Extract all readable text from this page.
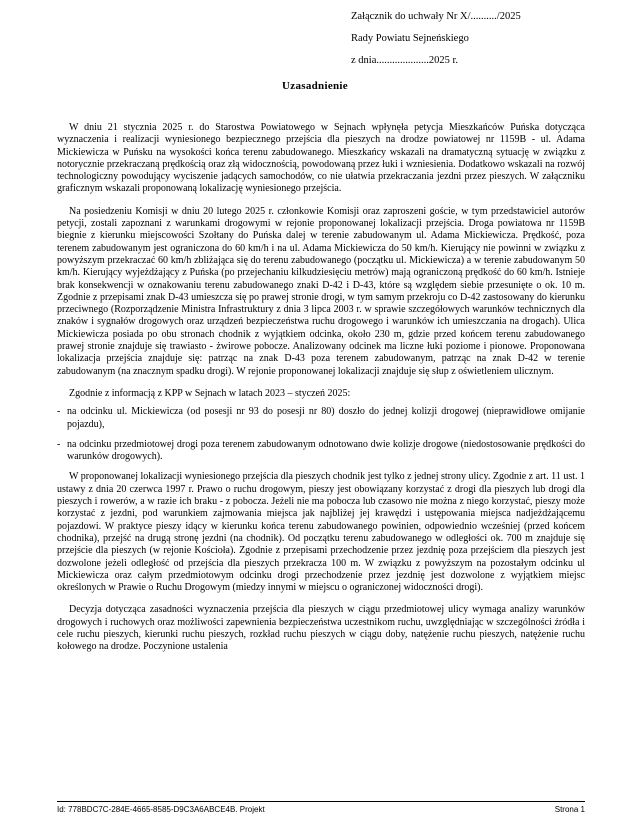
Załącznik do uchwały Nr X/........../2025
Rady Powiatu Sejneńskiego
z dnia....................2025 r.
Uzasadnienie

W dniu 21 stycznia 2025 r. do Starostwa Powiatowego w Sejnach wpłynęła petycja Mieszkańców Puńska dotycząca wyznaczenia i realizacji wyniesionego bezpiecznego przejścia dla pieszych na drodze powiatowej nr 1159B - ul. Adama Mickiewicza w Puńsku na wysokości końca terenu zabudowanego. Mieszkańcy wskazali na dramatyczną sytuację w związku z notorycznie przekraczaną prędkością oraz złą widocznością, powodowaną przez łuki i wzniesienia. Dodatkowo wskazali na rozwój technologiczny powodujący wyciszenie jadących samochodów, co nie ułatwia przekraczania jezdni przez pieszych. W załączniku graficznym wskazali proponowaną lokalizację wyniesionego przejścia.

Na posiedzeniu Komisji w dniu 20 lutego 2025 r. członkowie Komisji oraz zaproszeni goście, w tym przedstawiciel autorów petycji, zostali zapoznani z warunkami drogowymi w rejonie proponowanej lokalizacji przejścia. Droga powiatowa nr 1159B biegnie z kierunku miejscowości Szołtany do Puńska dalej w terenie zabudowanym ul. Adama Mickiewicza. Prędkość, poza terenem zabudowanym jest ograniczona do 60 km/h i na ul. Adama Mickiewicza do 50 km/h. Kierujący nie powinni w związku z powyższym przekraczać 60 km/h zbliżająca się do terenu zabudowanego (początku ul. Mickiewicza) a w terenie zabudowanym 50 km/h. Kierujący wyjeżdżający z Puńska (po przejechaniu kilkudziesięciu metrów) mają ograniczoną prędkość do 60 km/h. Istnieje brak konsekwencji w oznakowaniu terenu zabudowanego znaki D-42 i D-43, które są względem siebie przesunięte o ok. 10 m. Zgodnie z przepisami znak D-43 umieszcza się po prawej stronie drogi, w tym samym przekroju co D-42 zastosowany do kierunku przeciwnego (Rozporządzenie Ministra Infrastruktury z dnia 3 lipca 2003 r. w sprawie szczegółowych warunków technicznych dla znaków i sygnałów drogowych oraz urządzeń bezpieczeństwa ruchu drogowego i warunków ich umieszczania na drogach). Ulica Mickiewicza posiada po obu stronach chodnik z wyjątkiem odcinka, około 230 m, gdzie przed końcem terenu zabudowanego prawej stronie znajduje się trawiasto - żwirowe pobocze. Analizowany odcinek ma liczne łuki poziome i pionowe. Proponowana lokalizacja przejścia znajduje się: patrząc na znak D-43 poza terenem zabudowanym, patrząc na znak D-42 w terenie zabudowanym (na znacznym spadku drogi). W rejonie proponowanej lokalizacji znajduje się słup z oświetleniem ulicznym.

Zgodnie z informacją z KPP w Sejnach w latach 2023 – styczeń 2025:

- na odcinku ul. Mickiewicza (od posesji nr 93 do posesji nr 80) doszło do jednej kolizji drogowej (nieprawidłowe omijanie pojazdu),
- na odcinku przedmiotowej drogi poza terenem zabudowanym odnotowano dwie kolizje drogowe (niedostosowanie prędkości do warunków drogowych).

W proponowanej lokalizacji wyniesionego przejścia dla pieszych chodnik jest tylko z jednej strony ulicy. Zgodnie z art. 11 ust. 1 ustawy z dnia 20 czerwca 1997 r. Prawo o ruchu drogowym, pieszy jest obowiązany korzystać z drogi dla pieszych lub drogi dla pieszych i rowerów, a w razie ich braku - z pobocza. Jeżeli nie ma pobocza lub czasowo nie można z niego korzystać, pieszy może korzystać z jezdni, pod warunkiem zajmowania miejsca jak najbliżej jej krawędzi i ustępowania miejsca nadjeżdżającemu pojazdowi. W praktyce pieszy idący w kierunku końca terenu zabudowanego powinien, odpowiednio wcześniej (przed końcem chodnika), przejść na drugą stronę jezdni (na chodnik). Od początku terenu zabudowanego w odległości ok. 700 m znajduje się przejście dla pieszych (w rejonie Kościoła). Zgodnie z przepisami przechodzenie przez jezdnię poza przejściem dla pieszych jest dozwolone jeżeli odległość od przejścia dla pieszych przekracza 100 m. W związku z powyższym na pozostałym odcinku ul Mickiewicza oraz całym przedmiotowym odcinku drogi przechodzenie przez jezdnię jest dozwolone z wyjątkiem miejsc określonych w Prawie o Ruchu Drogowym (miedzy innymi w miejscu o ograniczonej widoczności drogi).

Decyzja dotycząca zasadności wyznaczenia przejścia dla pieszych w ciągu przedmiotowej ulicy wymaga analizy warunków drogowych i ruchowych oraz możliwości zapewnienia bezpieczeństwa uczestnikom ruchu, uwzględniając w szczególności źródła i cele ruchu pieszych, kierunki ruchu pieszych, rozkład ruchu pieszych w ciągu doby, natężenie ruchu pieszych, natężenie ruchu kołowego na drodze. Poczynione ustalenia

Id: 778BDC7C-284E-4665-8585-D9C3A6ABCE4B. Projekt	Strona 1
